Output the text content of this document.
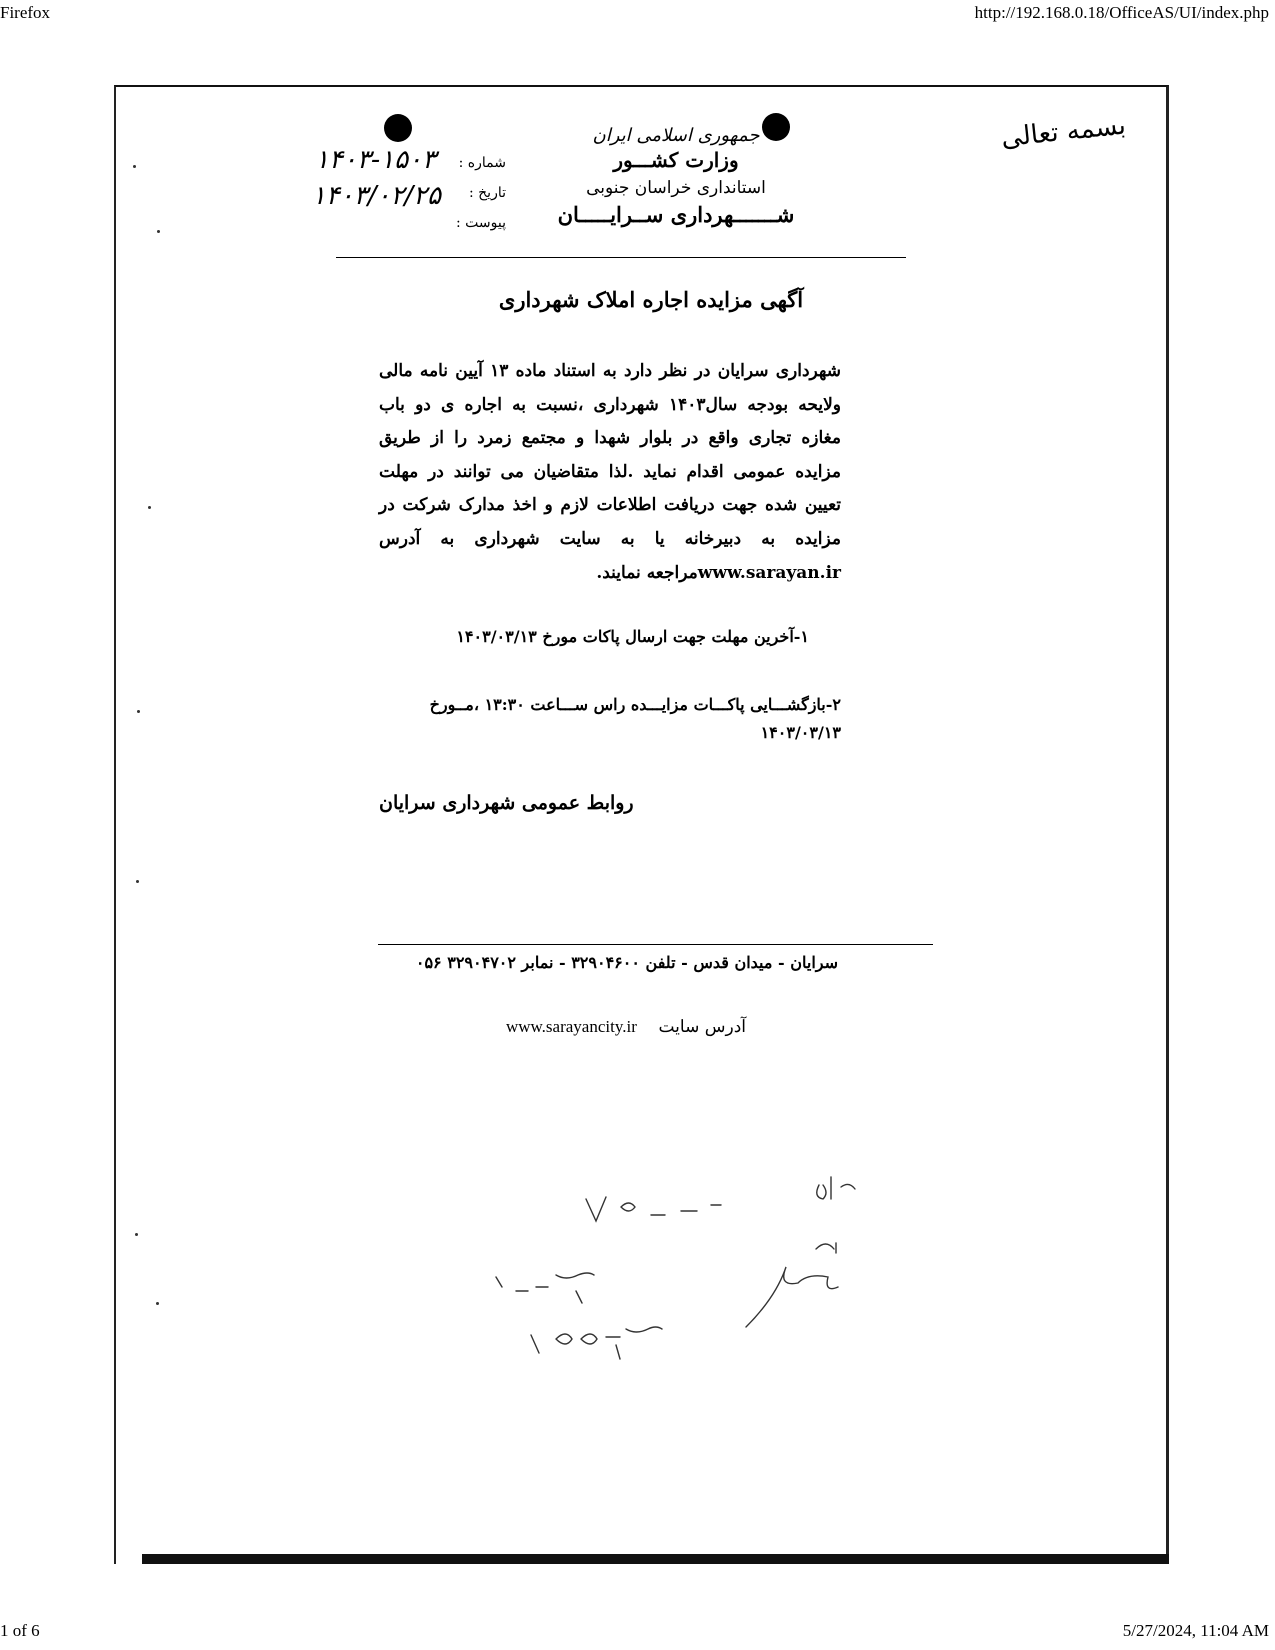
Firefox	http://192.168.0.18/OfficeAS/UI/index.php
بسمه تعالی
جمهوری اسلامی ایران
وزارت کشـــور
استانداری خراسان جنوبی
شـــــــهرداری ســرایـــــان
شماره :
۱۴۰۳-۱۵۰۳
تاریخ :
۱۴۰۳/۰۲/۲۵
پیوست :
آگهی مزایده اجاره املاک شهرداری
شهرداری سرایان در نظر دارد به استناد ماده ۱۳ آیین نامه مالی ولایحه بودجه سال۱۴۰۳ شهرداری ،نسبت به اجاره ی دو باب مغازه تجاری واقع در بلوار شهدا و مجتمع زمرد را از طریق مزایده عمومی اقدام نماید .لذا متقاضیان می توانند در مهلت تعیین شده جهت دریافت اطلاعات لازم و اخذ مدارک شرکت در مزایده به دبیرخانه یا به سایت شهرداری به آدرس www.sarayan.irمراجعه نمایند.
۱-آخرین مهلت جهت ارسال پاکات مورخ ۱۴۰۳/۰۳/۱۳
۲-بازگشـــایی پاکـــات مزایـــده راس ســـاعت ۱۳:۳۰ ،مــورخ ۱۴۰۳/۰۳/۱۳
روابط عمومی شهرداری سرایان
سرایان - میدان قدس - تلفن ۳۲۹۰۴۶۰۰ - نمابر ۳۲۹۰۴۷۰۲ ۰۵۶
آدرس سایت    www.sarayancity.ir
1 of 6	5/27/2024, 11:04 AM
